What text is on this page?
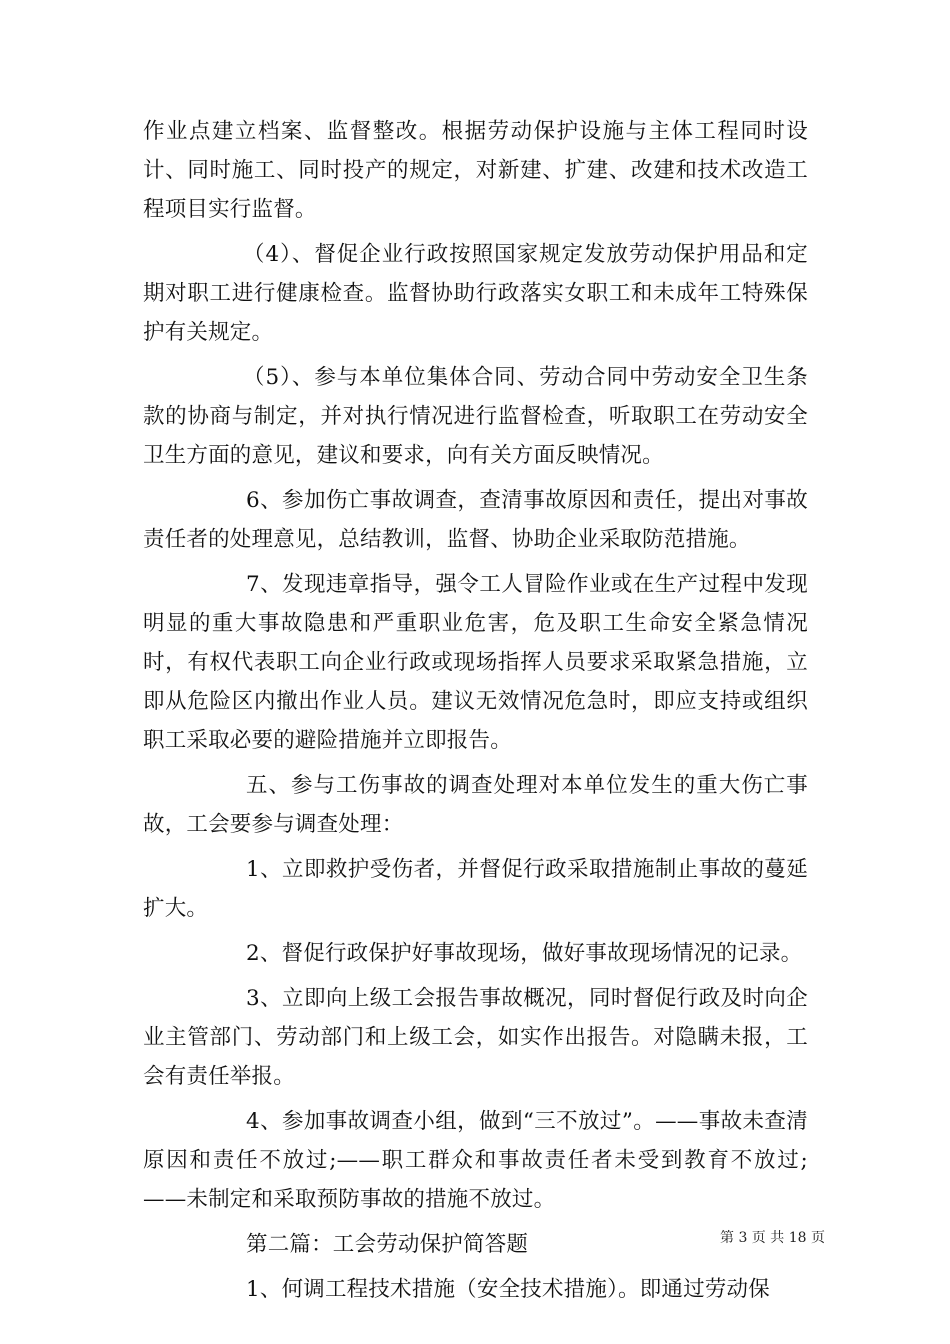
作业点建立档案、监督整改。根据劳动保护设施与主体工程同时设计、同时施工、同时投产的规定，对新建、扩建、改建和技术改造工程项目实行监督。

（4）、督促企业行政按照国家规定发放劳动保护用品和定期对职工进行健康检查。监督协助行政落实女职工和未成年工特殊保护有关规定。

（5）、参与本单位集体合同、劳动合同中劳动安全卫生条款的协商与制定，并对执行情况进行监督检查，听取职工在劳动安全卫生方面的意见，建议和要求，向有关方面反映情况。

6、参加伤亡事故调查，查清事故原因和责任，提出对事故责任者的处理意见，总结教训，监督、协助企业采取防范措施。

7、发现违章指导，强令工人冒险作业或在生产过程中发现明显的重大事故隐患和严重职业危害，危及职工生命安全紧急情况时，有权代表职工向企业行政或现场指挥人员要求采取紧急措施，立即从危险区内撤出作业人员。建议无效情况危急时，即应支持或组织职工采取必要的避险措施并立即报告。

五、参与工伤事故的调查处理对本单位发生的重大伤亡事故，工会要参与调查处理：

1、立即救护受伤者，并督促行政采取措施制止事故的蔓延扩大。

2、督促行政保护好事故现场，做好事故现场情况的记录。

3、立即向上级工会报告事故概况，同时督促行政及时向企业主管部门、劳动部门和上级工会，如实作出报告。对隐瞒未报，工会有责任举报。

4、参加事故调查小组，做到“三不放过”。——事故未查清原因和责任不放过;——职工群众和事故责任者未受到教育不放过;——未制定和采取预防事故的措施不放过。

第二篇：工会劳动保护简答题

1、何调工程技术措施（安全技术措施）。即通过劳动保

第 3 页 共 18 页
